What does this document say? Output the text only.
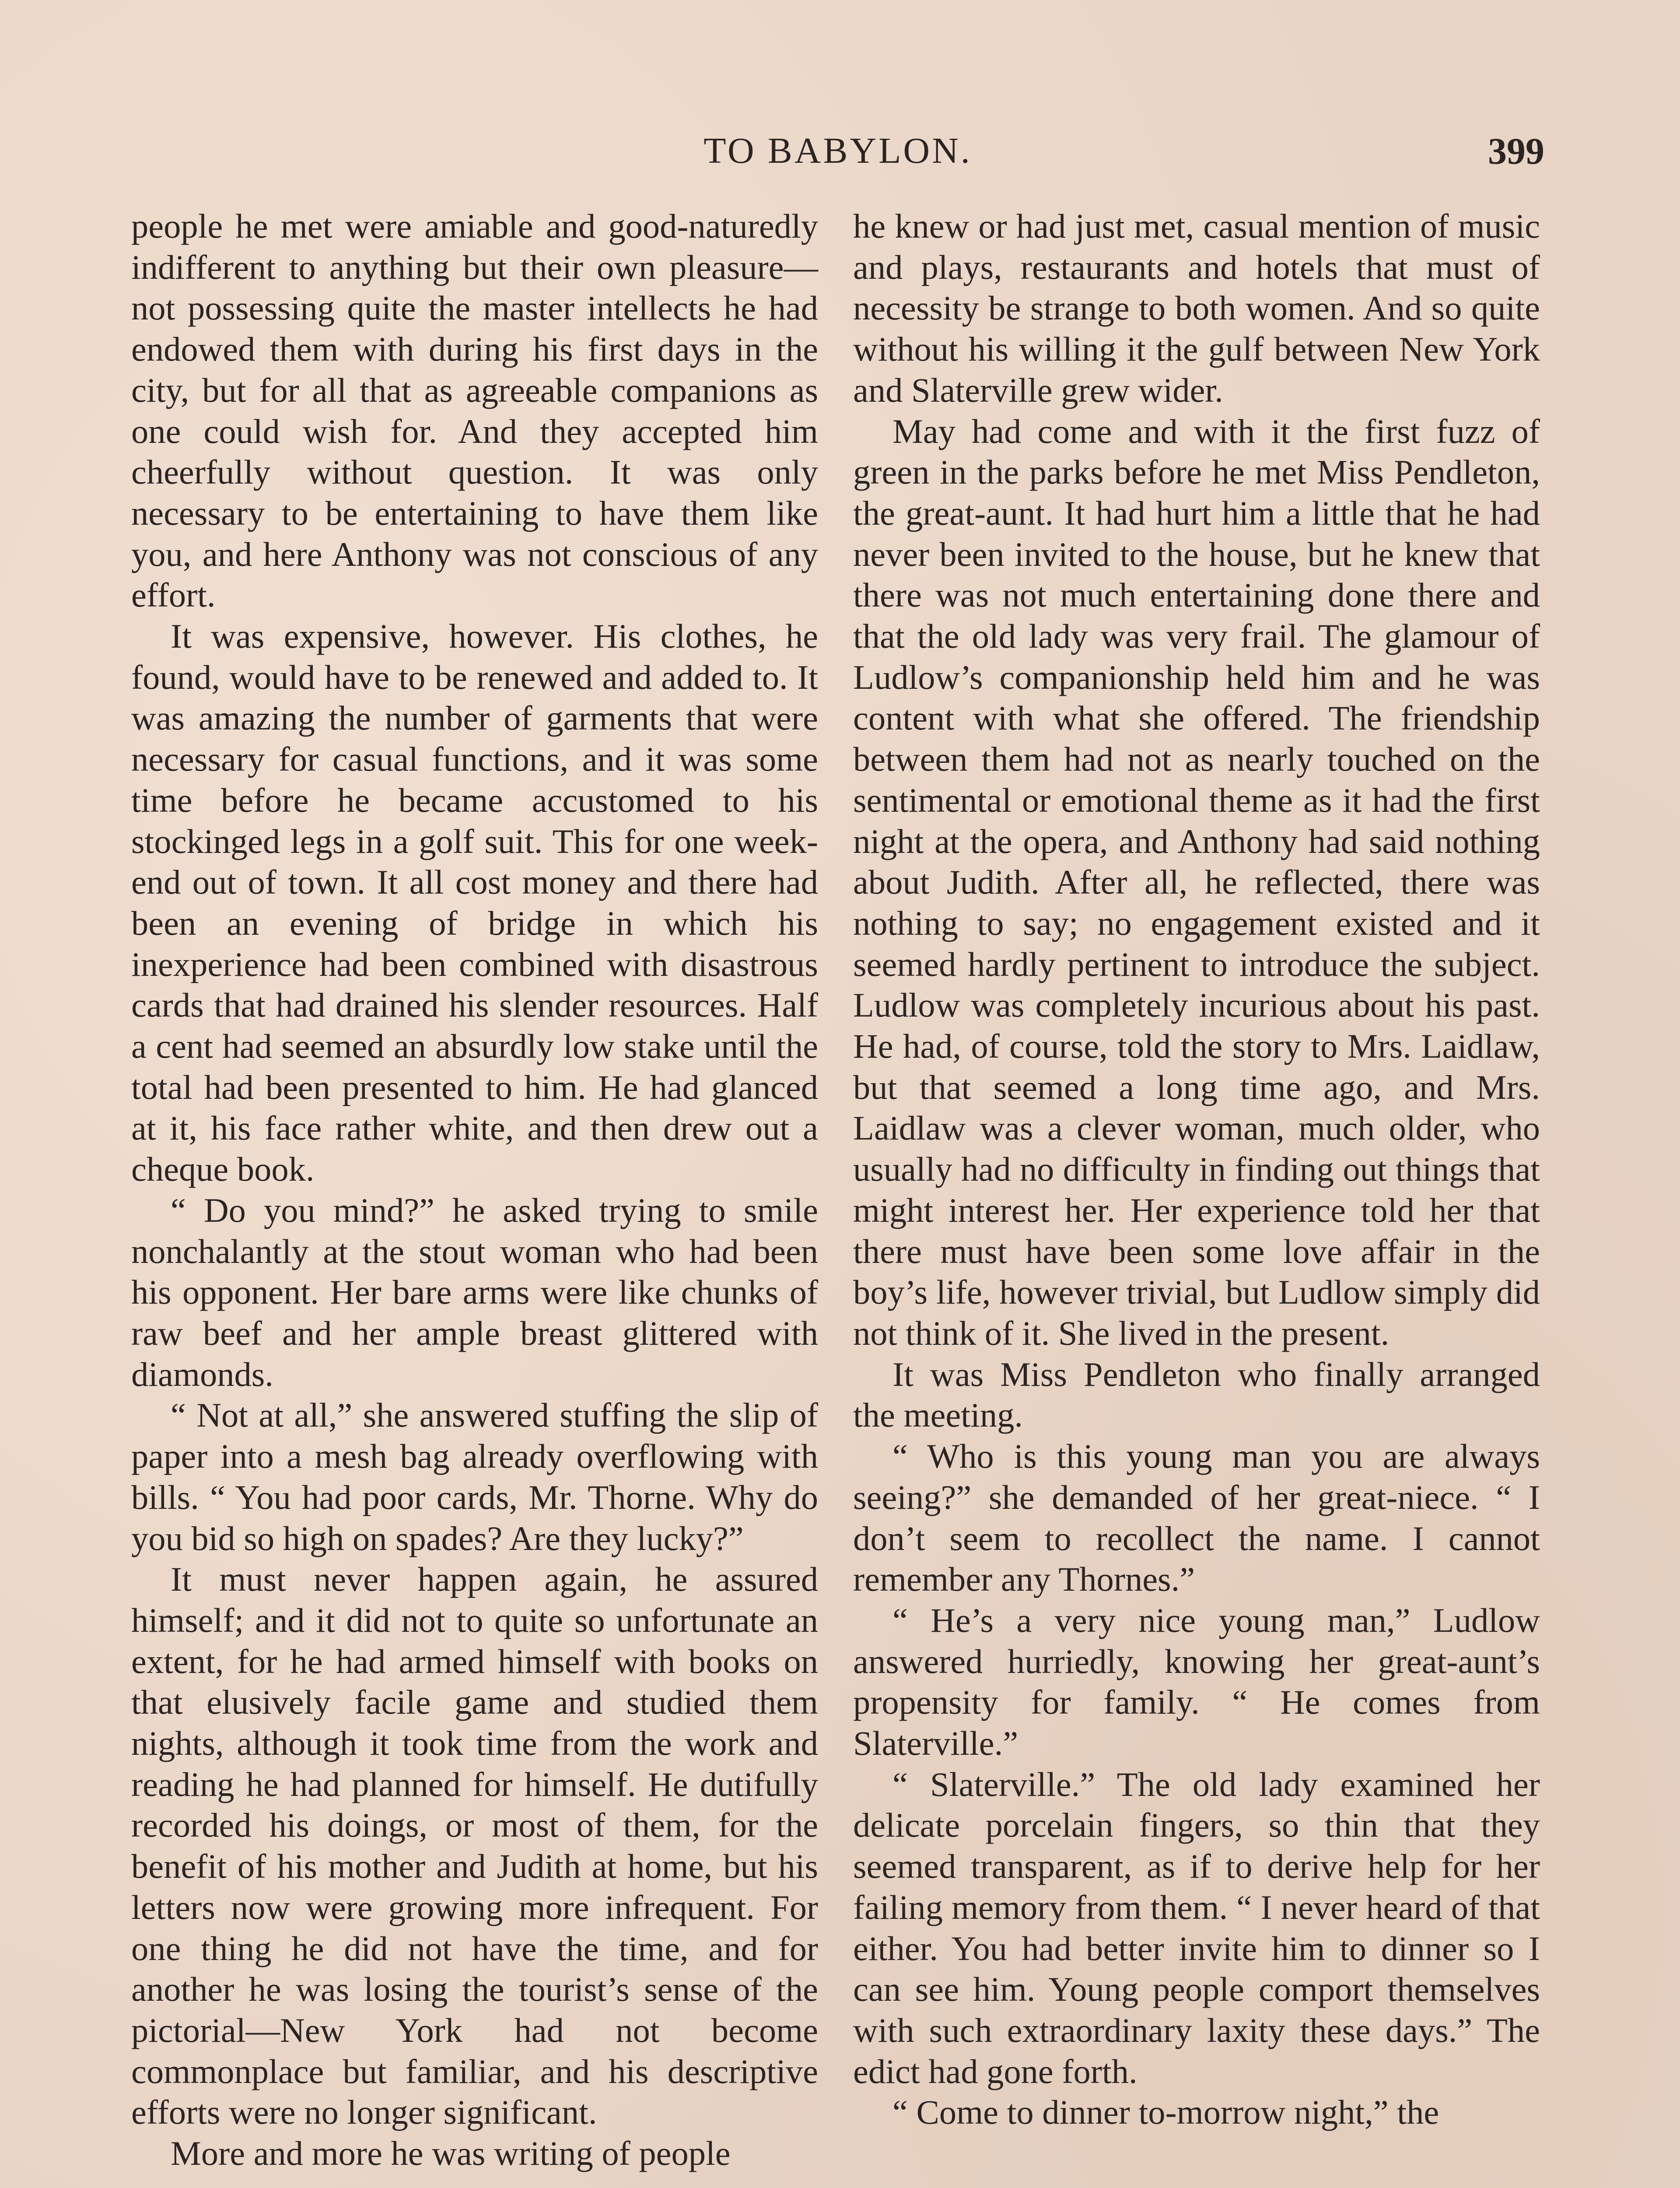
TO BABYLON.	399

people he met were amiable and good-naturedly indifferent to anything but their own pleasure—not possessing quite the master intellects he had endowed them with during his first days in the city, but for all that as agreeable companions as one could wish for. And they accepted him cheerfully without question. It was only necessary to be entertaining to have them like you, and here Anthony was not conscious of any effort.

It was expensive, however. His clothes, he found, would have to be renewed and added to. It was amazing the number of garments that were necessary for casual functions, and it was some time before he became accustomed to his stockinged legs in a golf suit. This for one week-end out of town. It all cost money and there had been an evening of bridge in which his inexperience had been combined with disastrous cards that had drained his slender resources. Half a cent had seemed an absurdly low stake until the total had been presented to him. He had glanced at it, his face rather white, and then drew out a cheque book.

“ Do you mind?” he asked trying to smile nonchalantly at the stout woman who had been his opponent. Her bare arms were like chunks of raw beef and her ample breast glittered with diamonds.

“ Not at all,” she answered stuffing the slip of paper into a mesh bag already overflowing with bills. “ You had poor cards, Mr. Thorne. Why do you bid so high on spades? Are they lucky?”

It must never happen again, he assured himself; and it did not to quite so unfortunate an extent, for he had armed himself with books on that elusively facile game and studied them nights, although it took time from the work and reading he had planned for himself. He dutifully recorded his doings, or most of them, for the benefit of his mother and Judith at home, but his letters now were growing more infrequent. For one thing he did not have the time, and for another he was losing the tourist’s sense of the pictorial—New York had not become commonplace but familiar, and his descriptive efforts were no longer significant.

More and more he was writing of people

he knew or had just met, casual mention of music and plays, restaurants and hotels that must of necessity be strange to both women. And so quite without his willing it the gulf between New York and Slaterville grew wider.

May had come and with it the first fuzz of green in the parks before he met Miss Pendleton, the great-aunt. It had hurt him a little that he had never been invited to the house, but he knew that there was not much entertaining done there and that the old lady was very frail. The glamour of Ludlow’s companionship held him and he was content with what she offered. The friendship between them had not as nearly touched on the sentimental or emotional theme as it had the first night at the opera, and Anthony had said nothing about Judith. After all, he reflected, there was nothing to say; no engagement existed and it seemed hardly pertinent to introduce the subject. Ludlow was completely incurious about his past. He had, of course, told the story to Mrs. Laidlaw, but that seemed a long time ago, and Mrs. Laidlaw was a clever woman, much older, who usually had no difficulty in finding out things that might interest her. Her experience told her that there must have been some love affair in the boy’s life, however trivial, but Ludlow simply did not think of it. She lived in the present.

It was Miss Pendleton who finally arranged the meeting.

“ Who is this young man you are always seeing?” she demanded of her great-niece. “ I don’t seem to recollect the name. I cannot remember any Thornes.”

“ He’s a very nice young man,” Ludlow answered hurriedly, knowing her great-aunt’s propensity for family. “ He comes from Slaterville.”

“ Slaterville.” The old lady examined her delicate porcelain fingers, so thin that they seemed transparent, as if to derive help for her failing memory from them. “ I never heard of that either. You had better invite him to dinner so I can see him. Young people comport themselves with such extraordinary laxity these days.” The edict had gone forth.

“ Come to dinner to-morrow night,” the
